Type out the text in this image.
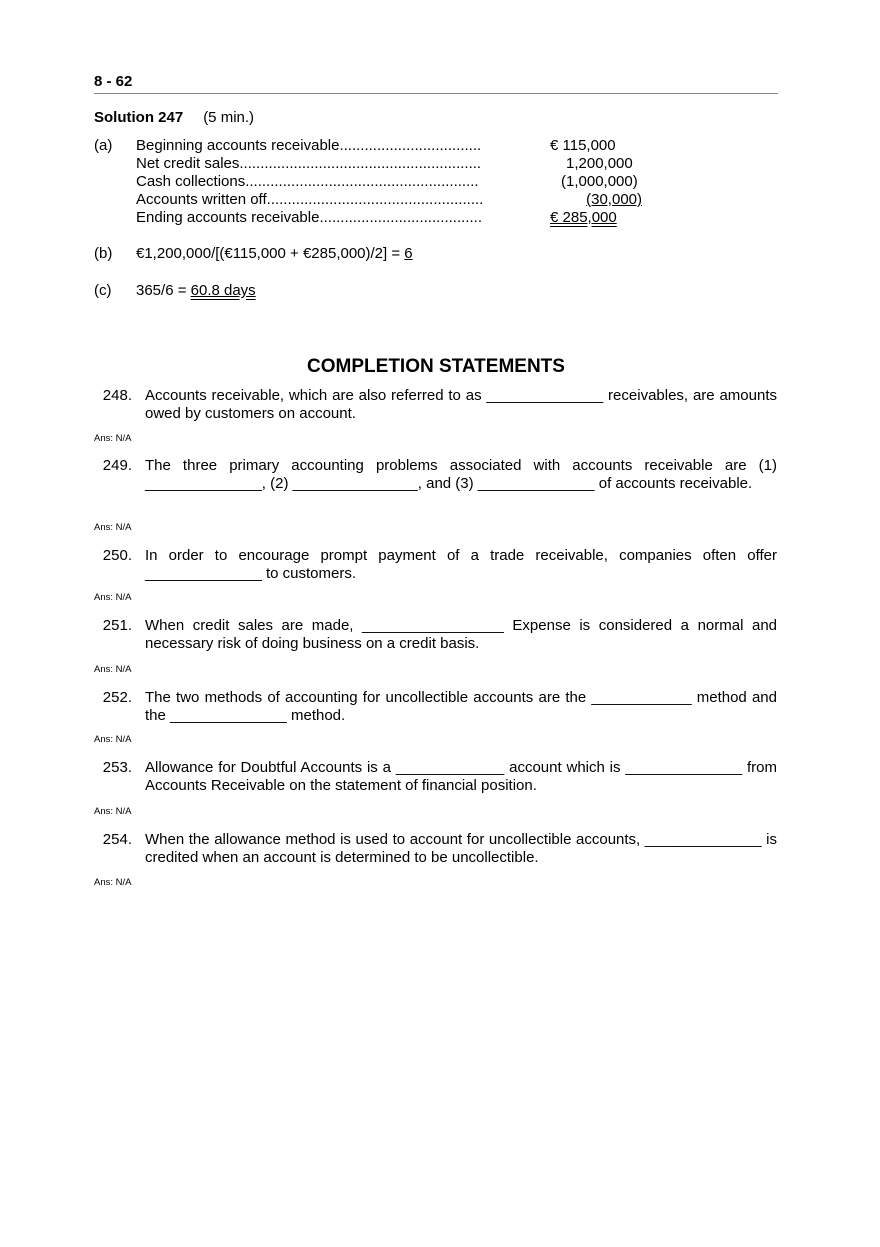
8 - 62
Solution 247 (5 min.)
(a) Beginning accounts receivable..................................	€ 115,000
Net credit sales..........................................................	1,200,000
Cash collections........................................................	(1,000,000)
Accounts written off....................................................	(30,000)
Ending accounts receivable.......................................	€ 285,000
(b) €1,200,000/[(€115,000 + €285,000)/2] = 6
(c) 365/6 = 60.8 days
COMPLETION STATEMENTS
248. Accounts receivable, which are also referred to as ______________ receivables, are amounts owed by customers on account.
Ans: N/A
249. The three primary accounting problems associated with accounts receivable are (1) ______________, (2) _______________, and (3) ______________ of accounts receivable.
Ans: N/A
250. In order to encourage prompt payment of a trade receivable, companies often offer ______________ to customers.
Ans: N/A
251. When credit sales are made, _________________ Expense is considered a normal and necessary risk of doing business on a credit basis.
Ans: N/A
252. The two methods of accounting for uncollectible accounts are the ____________ method and the ______________ method.
Ans: N/A
253. Allowance for Doubtful Accounts is a _____________ account which is ______________ from Accounts Receivable on the statement of financial position.
Ans: N/A
254. When the allowance method is used to account for uncollectible accounts, ______________ is credited when an account is determined to be uncollectible.
Ans: N/A
